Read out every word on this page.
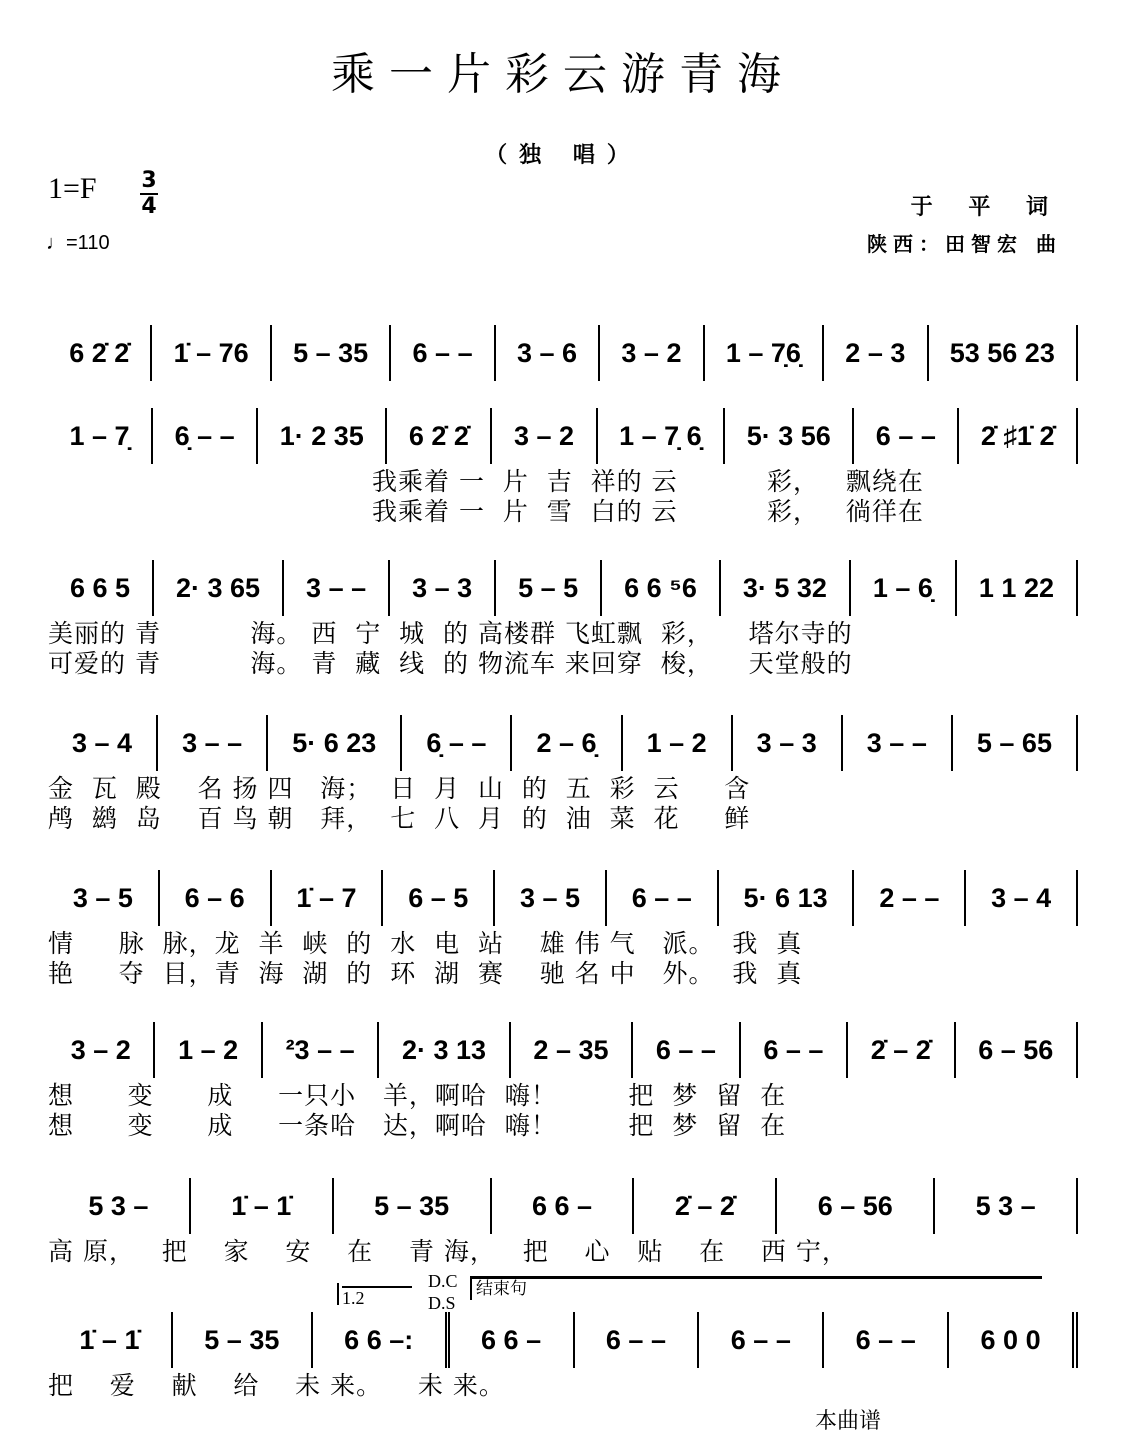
乘一片彩云游青海
（独 唱）
1=F 3
4
♩=110
于 平 词
陕西：田智宏 曲
6 2̇ 2̇	1̇ – 76	5 – 35	6 – –	3 – 6	3 – 2	1 – 7̣6̣	2 – 3	53 56 23
1 – 7̣	6̣ – –	1· 2 35	6 2̇ 2̇	3 – 2	1 – 7̣ 6̣	5· 3 56	6 – –	2̇ ♯1̇ 2̇
我乘着 一  片  吉  祥的 云          彩，   飘绕在
我乘着 一  片  雪  白的 云          彩，   徜徉在
6 6 5	2· 3 65	3 – –	3 – 3	5 – 5	6 6 ⁵6	3· 5 32	1 – 6̣	1 1 22
美丽的 青          海。 西  宁  城  的 高楼群 飞虹飘  彩，    塔尔寺的
可爱的 青          海。 青  藏  线  的 物流车 来回穿  梭，    天堂般的
3 – 4	3 – –	5· 6 23	6̣ – –	2 – 6̣	1 – 2	3 – 3	3 – –	5 – 65
金  瓦  殿    名 扬 四   海；  日  月  山  的  五  彩  云     含
鸬  鹚  岛    百 鸟 朝   拜，  七  八  月  的  油  菜  花     鲜
3 – 5	6 – 6	1̇ – 7	6 – 5	3 – 5	6 – –	5· 6 13	2 – –	3 – 4
情     脉  脉，龙  羊  峡  的  水  电  站    雄 伟 气   派。  我  真
艳     夺  目，青  海  湖  的  环  湖  赛    驰 名 中   外。  我  真
3 – 2	1 – 2	²3 – –	2· 3 13	2 – 35	6 – –	6 – –	2̇ – 2̇	6 – 56
想      变      成     一只小   羊，啊哈  嗨！        把  梦  留  在
想      变      成     一条哈   达，啊哈  嗨！        把  梦  留  在
5 3 –	1̇ – 1̇	5 – 35	6 6 –	2̇ – 2̇	6 – 56	5 3 –
高 原，   把    家    安    在    青 海，   把    心   贴    在    西 宁，
1̇ – 1̇	5 – 35	6 6 –:	6 6 –	6 – –	6 – –	6 – –	6 0 0
把    爱    献    给    未 来。    未 来。
1.2
D.C
D.S
结束句
本曲谱
